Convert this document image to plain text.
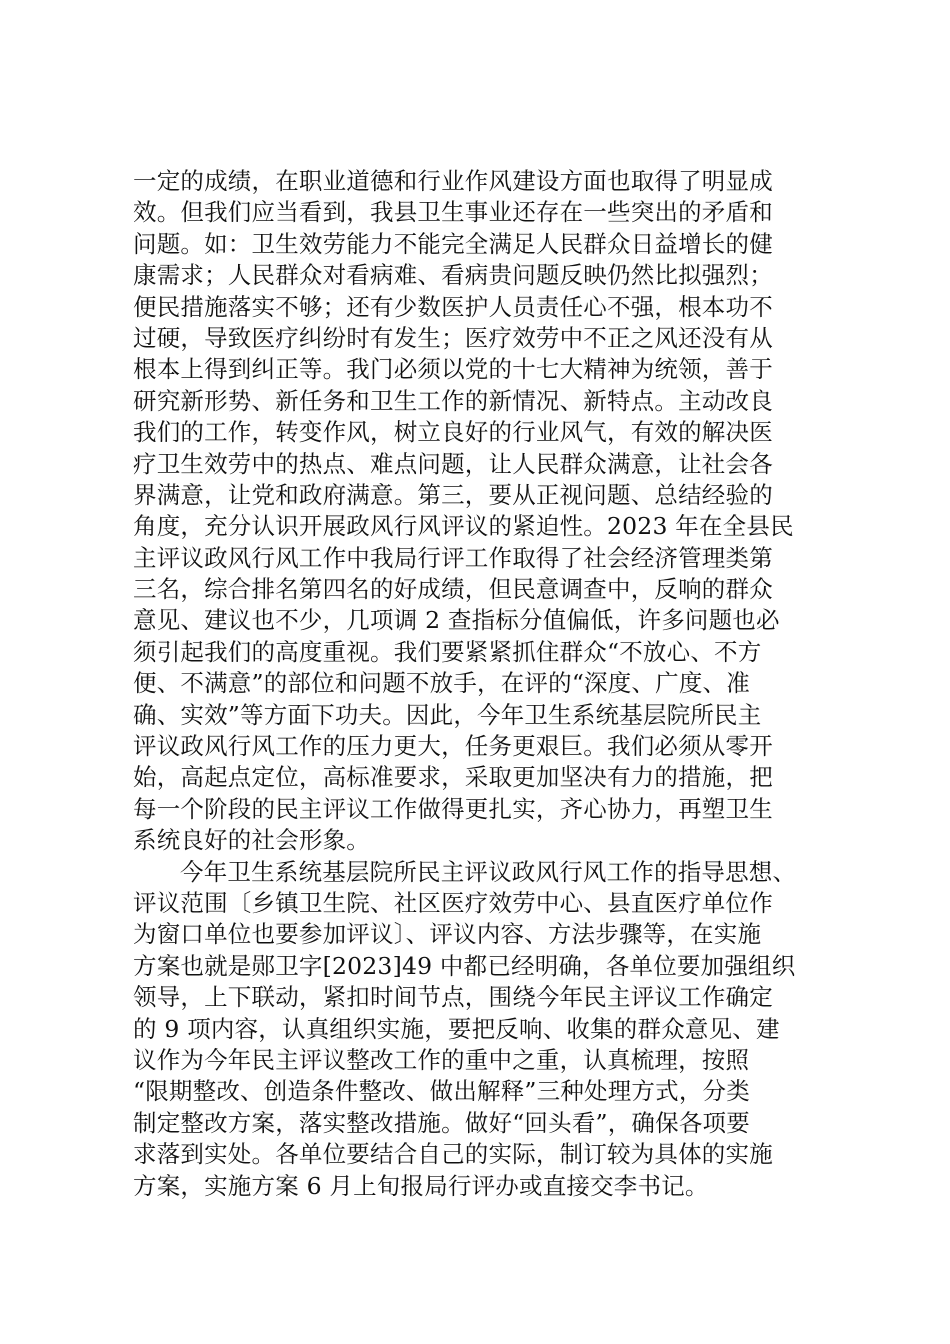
一定的成绩，在职业道德和行业作风建设方面也取得了明显成
效。但我们应当看到，我县卫生事业还存在一些突出的矛盾和
问题。如：卫生效劳能力不能完全满足人民群众日益增长的健
康需求；人民群众对看病难、看病贵问题反映仍然比拟强烈；
便民措施落实不够；还有少数医护人员责任心不强，根本功不
过硬，导致医疗纠纷时有发生；医疗效劳中不正之风还没有从
根本上得到纠正等。我门必须以党的十七大精神为统领，善于
研究新形势、新任务和卫生工作的新情况、新特点。主动改良
我们的工作，转变作风，树立良好的行业风气，有效的解决医
疗卫生效劳中的热点、难点问题，让人民群众满意，让社会各
界满意，让党和政府满意。第三，要从正视问题、总结经验的
角度，充分认识开展政风行风评议的紧迫性。2023 年在全县民
主评议政风行风工作中我局行评工作取得了社会经济管理类第
三名，综合排名第四名的好成绩，但民意调查中，反响的群众
意见、建议也不少，几项调 2 查指标分值偏低，许多问题也必
须引起我们的高度重视。我们要紧紧抓住群众“不放心、不方
便、不满意”的部位和问题不放手，在评的“深度、广度、准
确、实效”等方面下功夫。因此，今年卫生系统基层院所民主
评议政风行风工作的压力更大，任务更艰巨。我们必须从零开
始，高起点定位，高标准要求，采取更加坚决有力的措施，把
每一个阶段的民主评议工作做得更扎实，齐心协力，再塑卫生
系统良好的社会形象。
今年卫生系统基层院所民主评议政风行风工作的指导思想、
评议范围〔乡镇卫生院、社区医疗效劳中心、县直医疗单位作
为窗口单位也要参加评议〕、评议内容、方法步骤等，在实施
方案也就是郧卫字[2023]49 中都已经明确，各单位要加强组织
领导，上下联动，紧扣时间节点，围绕今年民主评议工作确定
的 9 项内容，认真组织实施，要把反响、收集的群众意见、建
议作为今年民主评议整改工作的重中之重，认真梳理，按照
“限期整改、创造条件整改、做出解释”三种处理方式，分类
制定整改方案，落实整改措施。做好“回头看”，确保各项要
求落到实处。各单位要结合自己的实际，制订较为具体的实施
方案，实施方案 6 月上旬报局行评办或直接交李书记。
